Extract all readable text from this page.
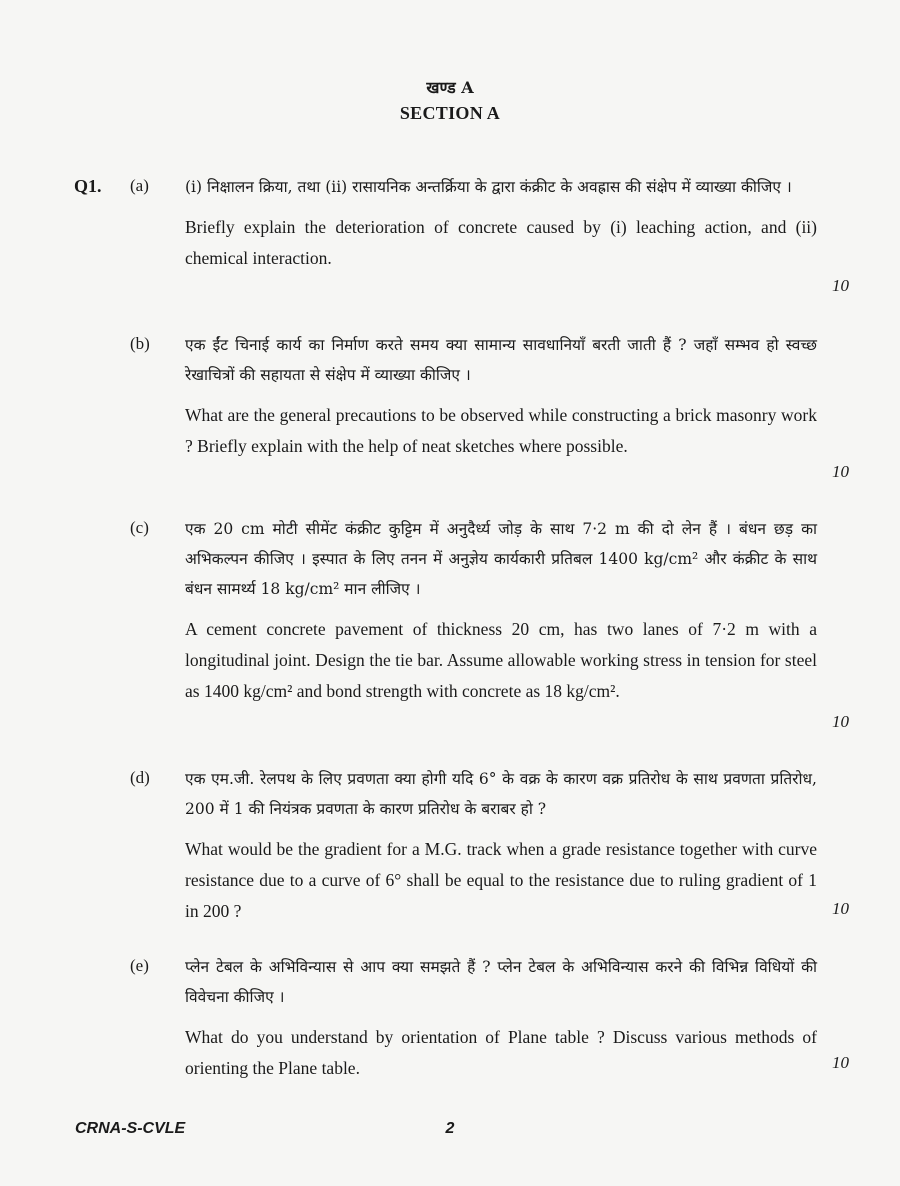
खण्ड A
SECTION A
Q1. (a) (i) निक्षालन क्रिया, तथा (ii) रासायनिक अन्तर्क्रिया के द्वारा कंक्रीट के अवह्रास की संक्षेप में व्याख्या कीजिए ।
Briefly explain the deterioration of concrete caused by (i) leaching action, and (ii) chemical interaction.
10
(b) एक ईंट चिनाई कार्य का निर्माण करते समय क्या सामान्य सावधानियाँ बरती जाती हैं ? जहाँ सम्भव हो स्वच्छ रेखाचित्रों की सहायता से संक्षेप में व्याख्या कीजिए ।
What are the general precautions to be observed while constructing a brick masonry work ? Briefly explain with the help of neat sketches where possible.
10
(c) एक 20 cm मोटी सीमेंट कंक्रीट कुट्टिम में अनुदैर्ध्य जोड़ के साथ 7·2 m की दो लेन हैं । बंधन छड़ का अभिकल्पन कीजिए । इस्पात के लिए तनन में अनुज्ञेय कार्यकारी प्रतिबल 1400 kg/cm² और कंक्रीट के साथ बंधन सामर्थ्य 18 kg/cm² मान लीजिए ।
A cement concrete pavement of thickness 20 cm, has two lanes of 7·2 m with a longitudinal joint. Design the tie bar. Assume allowable working stress in tension for steel as 1400 kg/cm² and bond strength with concrete as 18 kg/cm².
10
(d) एक एम.जी. रेलपथ के लिए प्रवणता क्या होगी यदि 6° के वक्र के कारण वक्र प्रतिरोध के साथ प्रवणता प्रतिरोध, 200 में 1 की नियंत्रक प्रवणता के कारण प्रतिरोध के बराबर हो ?
What would be the gradient for a M.G. track when a grade resistance together with curve resistance due to a curve of 6° shall be equal to the resistance due to ruling gradient of 1 in 200 ?	10
(e) प्लेन टेबल के अभिविन्यास से आप क्या समझते हैं ? प्लेन टेबल के अभिविन्यास करने की विभिन्न विधियों की विवेचना कीजिए ।
What do you understand by orientation of Plane table ? Discuss various methods of orienting the Plane table.	10
CRNA-S-CVLE	2
